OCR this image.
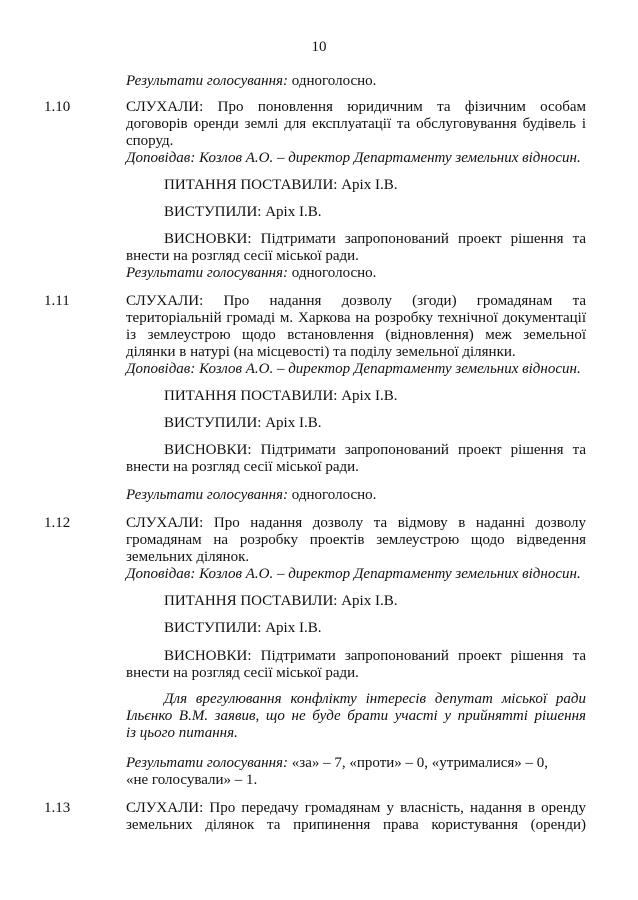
10
Результати голосування: одноголосно.
1.10	СЛУХАЛИ: Про поновлення юридичним та фізичним особам
договорів оренди землі для експлуатації та обслуговування будівель і
споруд.
Доповідав: Козлов А.О. – директор Департаменту земельних відносин.
ПИТАННЯ ПОСТАВИЛИ: Аріх І.В.
ВИСТУПИЛИ: Аріх І.В.
ВИСНОВКИ: Підтримати запропонований проект рішення та
внести на розгляд сесії міської ради.
Результати голосування: одноголосно.
1.11	СЛУХАЛИ: Про надання дозволу (згоди) громадянам та
територіальній громаді м. Харкова на розробку технічної документації
із землеустрою щодо встановлення (відновлення) меж земельної
ділянки в натурі (на місцевості) та поділу земельної ділянки.
Доповідав: Козлов А.О. – директор Департаменту земельних відносин.
ПИТАННЯ ПОСТАВИЛИ: Аріх І.В.
ВИСТУПИЛИ: Аріх І.В.
ВИСНОВКИ: Підтримати запропонований проект рішення та
внести на розгляд сесії міської ради.
Результати голосування: одноголосно.
1.12	СЛУХАЛИ: Про надання дозволу та відмову в наданні дозволу
громадянам на розробку проектів землеустрою щодо відведення
земельних ділянок.
Доповідав: Козлов А.О. – директор Департаменту земельних відносин.
ПИТАННЯ ПОСТАВИЛИ: Аріх І.В.
ВИСТУПИЛИ: Аріх І.В.
ВИСНОВКИ: Підтримати запропонований проект рішення та
внести на розгляд сесії міської ради.
Для врегулювання конфлікту інтересів депутат міської ради
Ільєнко В.М. заявив, що не буде брати участі у прийнятті рішення
із цього питання.
Результати голосування: «за» – 7, «проти» – 0, «утрималися» – 0,
«не голосували» – 1.
1.13	СЛУХАЛИ: Про передачу громадянам у власність, надання в оренду
земельних ділянок та припинення права користування (оренди)
